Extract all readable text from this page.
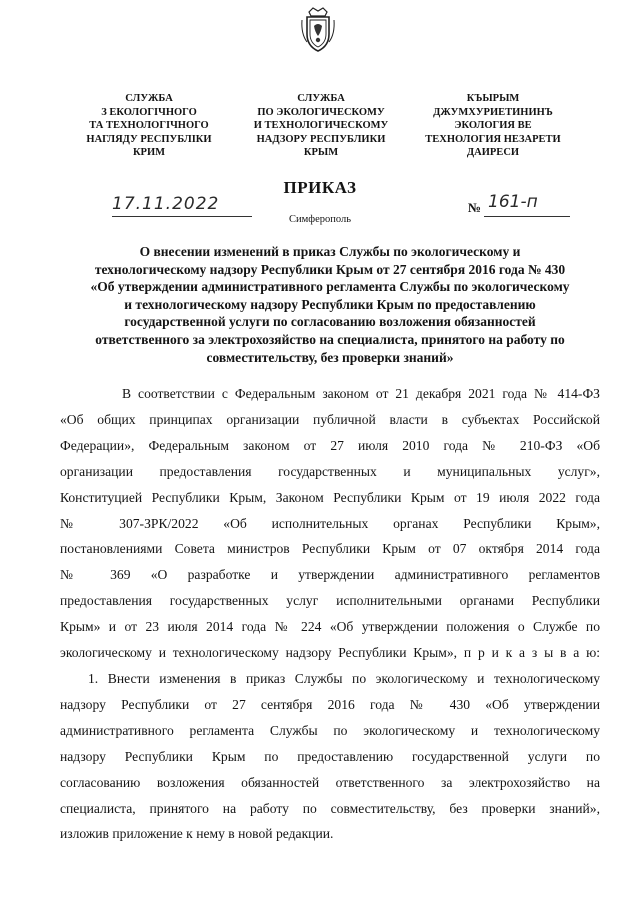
СЛУЖБА
З ЕКОЛОГІЧНОГО
ТА ТЕХНОЛОГІЧНОГО
НАГЛЯДУ РЕСПУБЛІКИ
КРИМ
СЛУЖБА
ПО ЭКОЛОГИЧЕСКОМУ
И ТЕХНОЛОГИЧЕСКОМУ
НАДЗОРУ РЕСПУБЛИКИ
КРЫМ
КЪЫРЫМ
ДЖУМХУРИЕТИНИНЪ
ЭКОЛОГИЯ ВЕ
ТЕХНОЛОГИЯ НЕЗАРЕТИ
ДАИРЕСИ
ПРИКАЗ
17.11.2022
Симферополь
№ 161-п
О внесении изменений в приказ Службы по экологическому и
технологическому надзору Республики Крым от 27 сентября 2016 года № 430
«Об утверждении административного регламента Службы по экологическому
и технологическому надзору Республики Крым по предоставлению
государственной услуги по согласованию возложения обязанностей
ответственного за электрохозяйство на специалиста, принятого на работу по
совместительству, без проверки знаний»
В соответствии с Федеральным законом от 21 декабря 2021 года № 414-ФЗ
«Об общих принципах организации публичной власти в субъектах Российской
Федерации», Федеральным законом от 27 июля 2010 года № 210-ФЗ «Об
организации предоставления государственных и муниципальных услуг»,
Конституцией Республики Крым, Законом Республики Крым от 19 июля 2022 года
№ 307-ЗРК/2022 «Об исполнительных органах Республики Крым»,
постановлениями Совета министров Республики Крым от 07 октября 2014 года
№ 369 «О разработке и утверждении административного регламентов
предоставления государственных услуг исполнительными органами Республики
Крым» и от 23 июля 2014 года № 224 «Об утверждении положения о Службе по
экологическому и технологическому надзору Республики Крым», п р и к а з ы в а ю:
1. Внести изменения в приказ Службы по экологическому и технологическому
надзору Республики от 27 сентября 2016 года № 430 «Об утверждении
административного регламента Службы по экологическому и технологическому
надзору Республики Крым по предоставлению государственной услуги по
согласованию возложения обязанностей ответственного за электрохозяйство на
специалиста, принятого на работу по совместительству, без проверки знаний»,
изложив приложение к нему в новой редакции.
